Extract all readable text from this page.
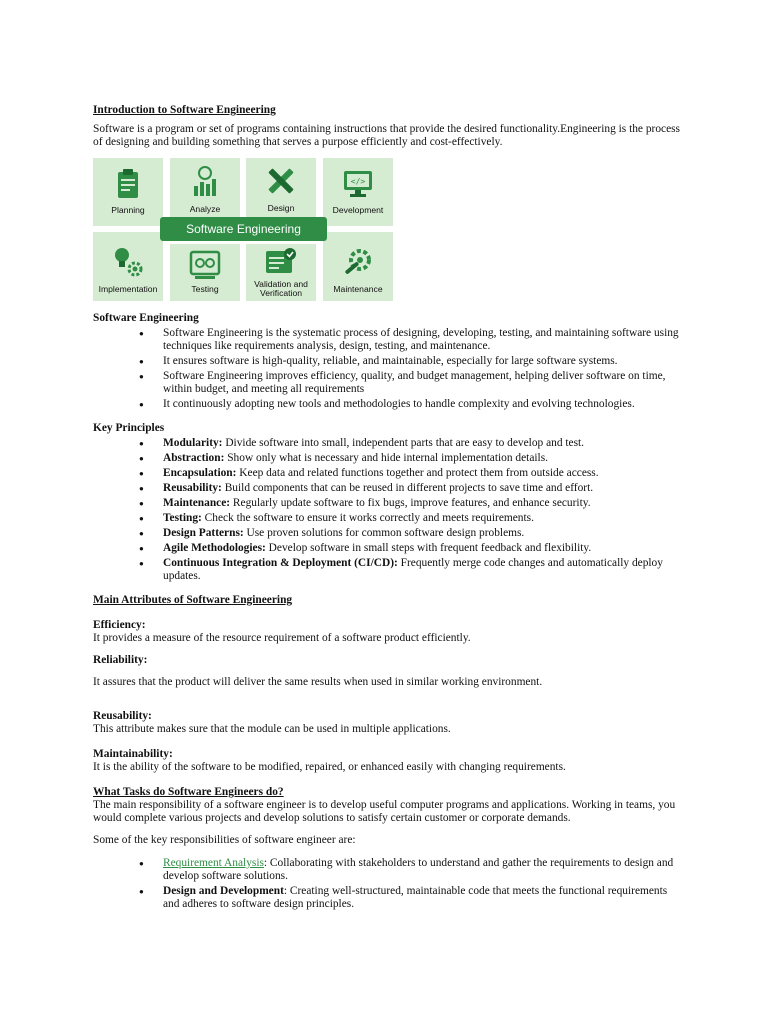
Introduction to Software Engineering

Software is a program or set of programs containing instructions that provide the desired functionality.Engineering is the process of designing and building something that serves a purpose efficiently and cost-effectively.

Planning	Analyze	Design
</>
Development
Implementation	Testing	Validation and Verification	Maintenance
Software Engineering

Software Engineering

● Software Engineering is the systematic process of designing, developing, testing, and maintaining software using techniques like requirements analysis, design, testing, and maintenance.
● It ensures software is high-quality, reliable, and maintainable, especially for large software systems.
● Software Engineering improves efficiency, quality, and budget management, helping deliver software on time, within budget, and meeting all requirements
● It continuously adopting new tools and methodologies to handle complexity and evolving technologies.

Key Principles

● Modularity: Divide software into small, independent parts that are easy to develop and test.
● Abstraction: Show only what is necessary and hide internal implementation details.
● Encapsulation: Keep data and related functions together and protect them from outside access.
● Reusability: Build components that can be reused in different projects to save time and effort.
● Maintenance: Regularly update software to fix bugs, improve features, and enhance security.
● Testing: Check the software to ensure it works correctly and meets requirements.
● Design Patterns: Use proven solutions for common software design problems.
● Agile Methodologies: Develop software in small steps with frequent feedback and flexibility.
● Continuous Integration & Deployment (CI/CD): Frequently merge code changes and automatically deploy updates.

Main Attributes of Software Engineering

Efficiency:

It provides a measure of the resource requirement of a software product efficiently.

Reliability:

It assures that the product will deliver the same results when used in similar working environment.

Reusability:

This attribute makes sure that the module can be used in multiple applications.

Maintainability:

It is the ability of the software to be modified, repaired, or enhanced easily with changing requirements.

What Tasks do Software Engineers do?

The main responsibility of a software engineer is to develop useful computer programs and applications. Working in teams, you would complete various projects and develop solutions to satisfy certain customer or corporate demands.

Some of the key responsibilities of software engineer are:

● Requirement Analysis: Collaborating with stakeholders to understand and gather the requirements to design and develop software solutions.
● Design and Development: Creating well-structured, maintainable code that meets the functional requirements and adheres to software design principles.
